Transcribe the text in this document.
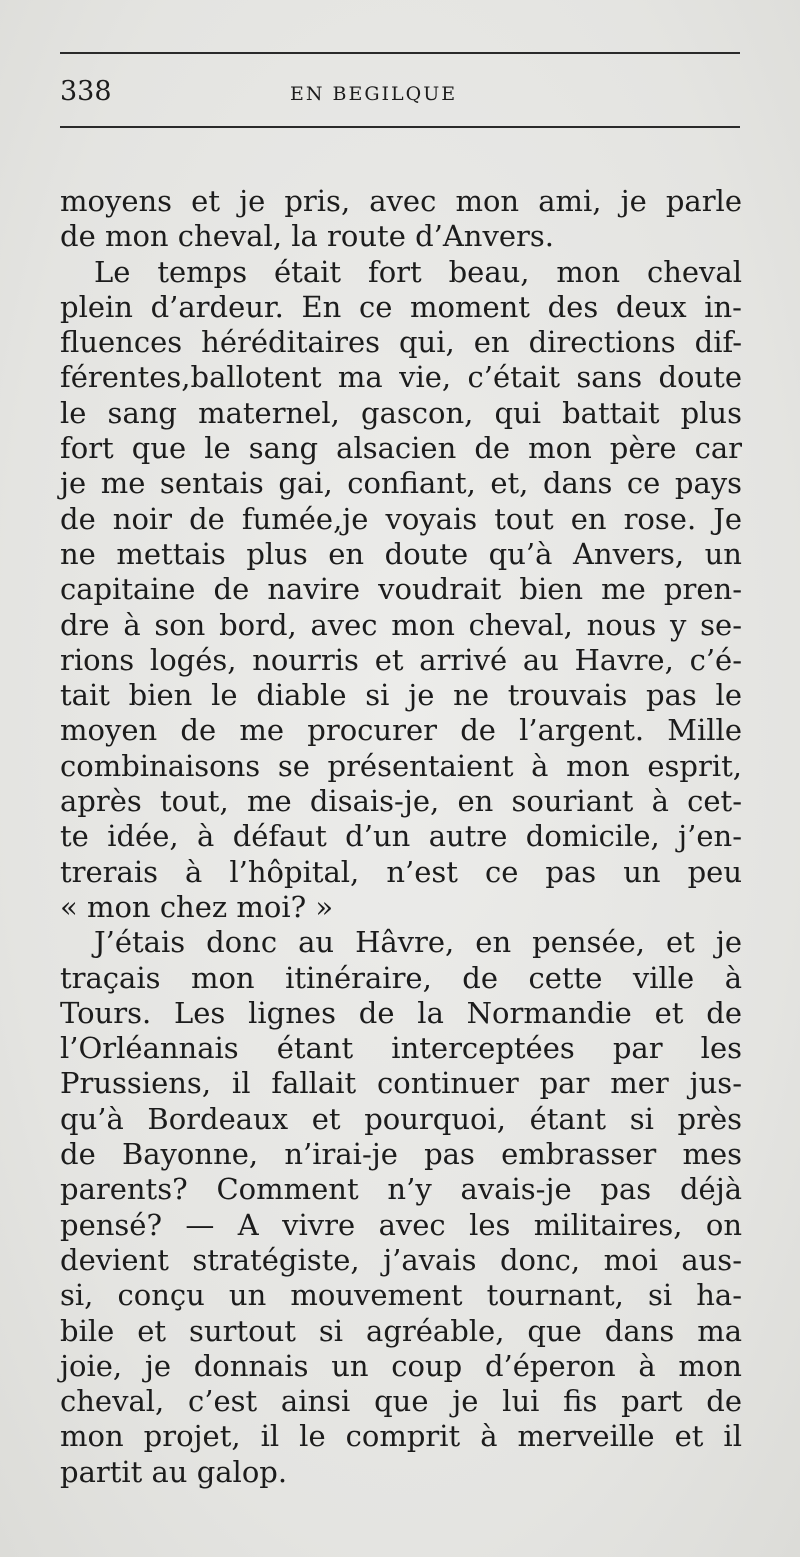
338	EN BEGILQUE
moyens et je pris, avec mon ami, je parle
de mon cheval, la route d’Anvers.
Le temps était fort beau, mon cheval
plein d’ardeur. En ce moment des deux in-
fluences héréditaires qui, en directions dif-
férentes,ballotent ma vie, c’était sans doute
le sang maternel, gascon, qui battait plus
fort que le sang alsacien de mon père car
je me sentais gai, confiant, et, dans ce pays
de noir de fumée,je voyais tout en rose. Je
ne mettais plus en doute qu’à Anvers, un
capitaine de navire voudrait bien me pren-
dre à son bord, avec mon cheval, nous y se-
rions logés, nourris et arrivé au Havre, c’é-
tait bien le diable si je ne trouvais pas le
moyen de me procurer de l’argent. Mille
combinaisons se présentaient à mon esprit,
après tout, me disais-je, en souriant à cet-
te idée, à défaut d’un autre domicile, j’en-
trerais à l’hôpital, n’est ce pas un peu
« mon chez moi? »
J’étais donc au Hâvre, en pensée, et je
traçais mon itinéraire, de cette ville à
Tours. Les lignes de la Normandie et de
l’Orléannais étant interceptées par les
Prussiens, il fallait continuer par mer jus-
qu’à Bordeaux et pourquoi, étant si près
de Bayonne, n’irai-je pas embrasser mes
parents? Comment n’y avais-je pas déjà
pensé? — A vivre avec les militaires, on
devient stratégiste, j’avais donc, moi aus-
si, conçu un mouvement tournant, si ha-
bile et surtout si agréable, que dans ma
joie, je donnais un coup d’éperon à mon
cheval, c’est ainsi que je lui fis part de
mon projet, il le comprit à merveille et il
partit au galop.
